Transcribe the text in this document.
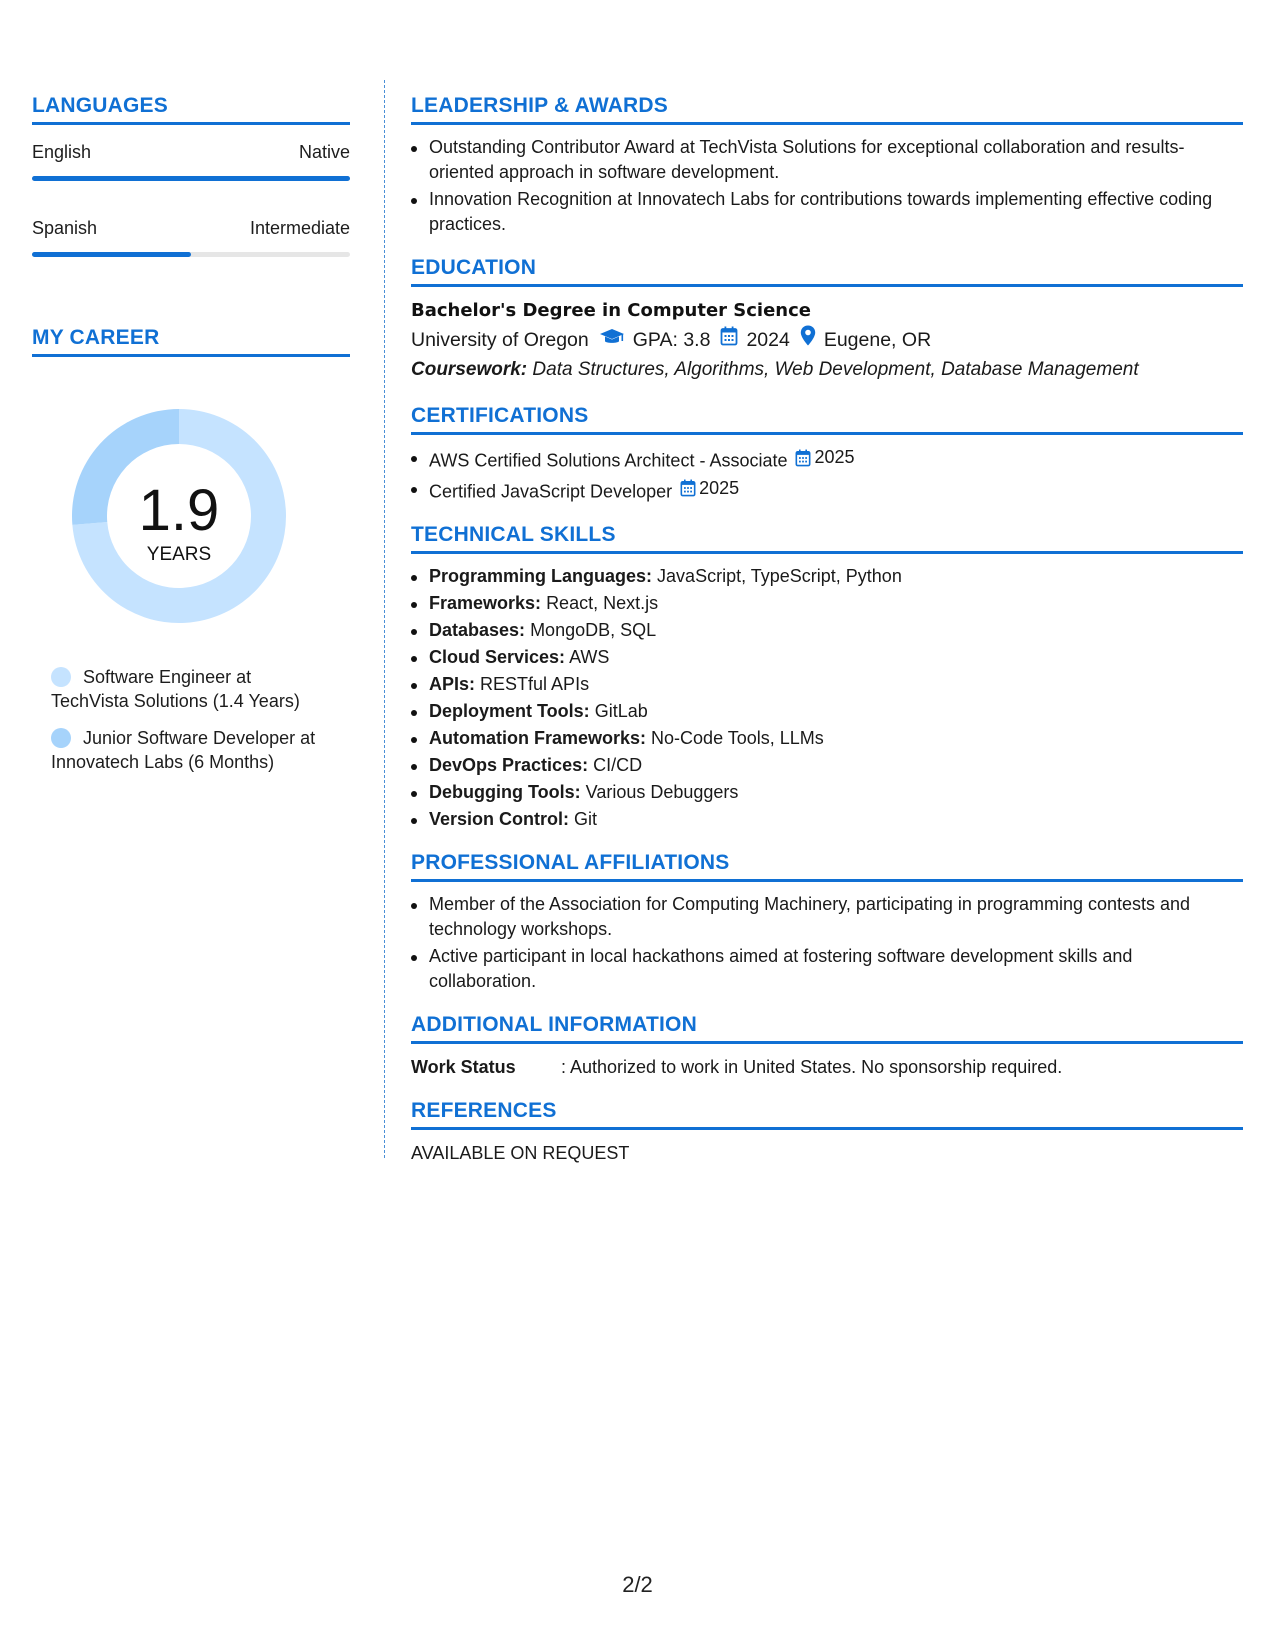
LANGUAGES
English	Native
Spanish	Intermediate
MY CAREER
1.9
YEARS
Software Engineer at TechVista Solutions (1.4 Years)
Junior Software Developer at Innovatech Labs (6 Months)
LEADERSHIP & AWARDS
Outstanding Contributor Award at TechVista Solutions for exceptional collaboration and results-oriented approach in software development.
Innovation Recognition at Innovatech Labs for contributions towards implementing effective coding practices.
EDUCATION
Bachelor's Degree in Computer Science
University of Oregon GPA: 3.8 2024 Eugene, OR
Coursework: Data Structures, Algorithms, Web Development, Database Management
CERTIFICATIONS
AWS Certified Solutions Architect - Associate 2025
Certified JavaScript Developer 2025
TECHNICAL SKILLS
Programming Languages: JavaScript, TypeScript, Python
Frameworks: React, Next.js
Databases: MongoDB, SQL
Cloud Services: AWS
APIs: RESTful APIs
Deployment Tools: GitLab
Automation Frameworks: No-Code Tools, LLMs
DevOps Practices: CI/CD
Debugging Tools: Various Debuggers
Version Control: Git
PROFESSIONAL AFFILIATIONS
Member of the Association for Computing Machinery, participating in programming contests and technology workshops.
Active participant in local hackathons aimed at fostering software development skills and collaboration.
ADDITIONAL INFORMATION
Work Status	: Authorized to work in United States. No sponsorship required.
REFERENCES
AVAILABLE ON REQUEST
2/2
